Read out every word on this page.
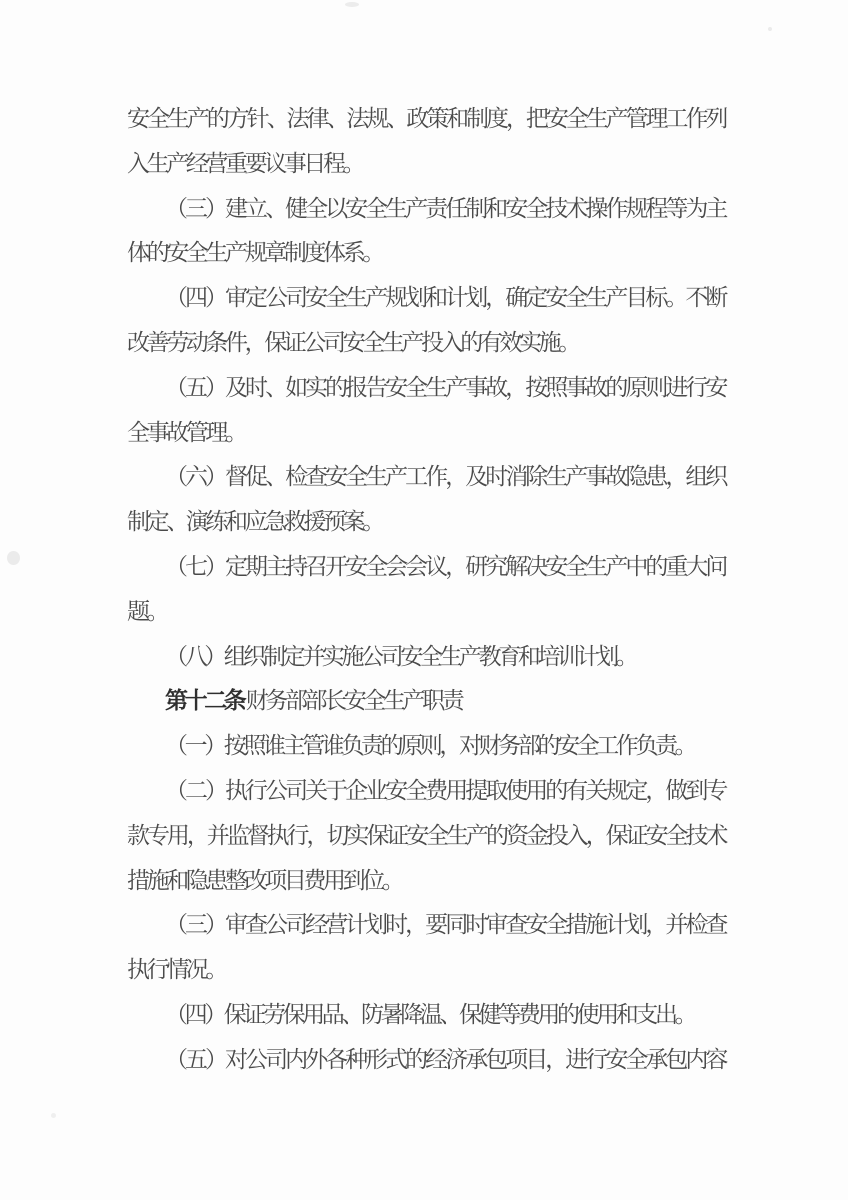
安全生产的方针、法律、法规、政策和制度，把安全生产管理工作列
入生产经营重要议事日程。
（三）建立、健全以安全生产责任制和安全技术操作规程等为主
体的安全生产规章制度体系。
（四）审定公司安全生产规划和计划，确定安全生产目标。不断
改善劳动条件，保证公司安全生产投入的有效实施。
（五）及时、如实的报告安全生产事故，按照事故的原则进行安
全事故管理。
（六）督促、检查安全生产工作，及时消除生产事故隐患，组织
制定、演练和应急救援预案。
（七）定期主持召开安全会会议，研究解决安全生产中的重大问
题。
（八）组织制定并实施公司安全生产教育和培训计划。
第十二条 财务部部长安全生产职责
（一）按照谁主管谁负责的原则，对财务部的安全工作负责。
（二）执行公司关于企业安全费用提取使用的有关规定，做到专
款专用，并监督执行，切实保证安全生产的资金投入，保证安全技术
措施和隐患整改项目费用到位。
（三）审查公司经营计划时，要同时审查安全措施计划，并检查
执行情况。
（四）保证劳保用品、防暑降温、保健等费用的使用和支出。
（五）对公司内外各种形式的经济承包项目，进行安全承包内容
